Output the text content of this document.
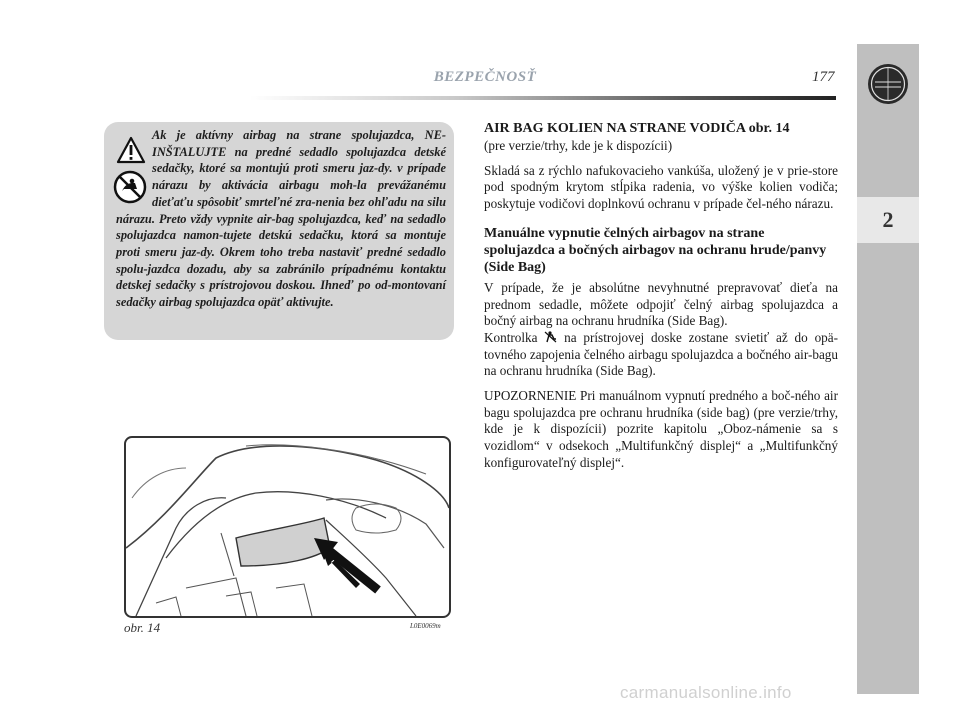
BEZPEČNOSŤ	177
2

Ak je aktívny airbag na strane spolujazdca, NE-INŠTALUJTE na predné sedadlo spolujazdca detské sedačky, ktoré sa montujú proti smeru jaz-dy. v prípade nárazu by aktivácia airbagu moh-la prevážanému dieťaťu spôsobiť smrteľné zra-nenia bez ohľadu na silu nárazu. Preto vždy vypnite air-bag spolujazdca, keď na sedadlo spolujazdca namon-tujete detskú sedačku, ktorá sa montuje proti smeru jaz-dy. Okrem toho treba nastaviť predné sedadlo spolu-jazdca dozadu, aby sa zabránilo prípadnému kontaktu detskej sedačky s prístrojovou doskou. Ihneď po od-montovaní sedačky airbag spolujazdca opäť aktivujte.

obr. 14	L0E0069m
AIR BAG KOLIEN NA STRANE VODIČA obr. 14

(pre verzie/trhy, kde je k dispozícii)

Skladá sa z rýchlo nafukovacieho vankúša, uložený je v prie-store pod spodným krytom stĺpika radenia, vo výške kolien vodiča; poskytuje vodičovi doplnkovú ochranu v prípade čel-ného nárazu.

Manuálne vypnutie čelných airbagov na strane spolujazdca a bočných airbagov na ochranu hrude/panvy (Side Bag)

V prípade, že je absolútne nevyhnutné prepravovať dieťa na prednom sedadle, môžete odpojiť čelný airbag spolujazdca a bočný airbag na ochranu hrudníka (Side Bag).

Kontrolka na prístrojovej doske zostane svietiť až do opä-tovného zapojenia čelného airbagu spolujazdca a bočného air-bagu na ochranu hrudníka (Side Bag).

UPOZORNENIE Pri manuálnom vypnutí predného a boč-ného air bagu spolujazdca pre ochranu hrudníka (side bag) (pre verzie/trhy, kde je k dispozícii) pozrite kapitolu „Oboz-námenie sa s vozidlom“ v odsekoch „Multifunkčný displej“ a „Multifunkčný konfigurovateľný displej“.

carmanualsonline.info
